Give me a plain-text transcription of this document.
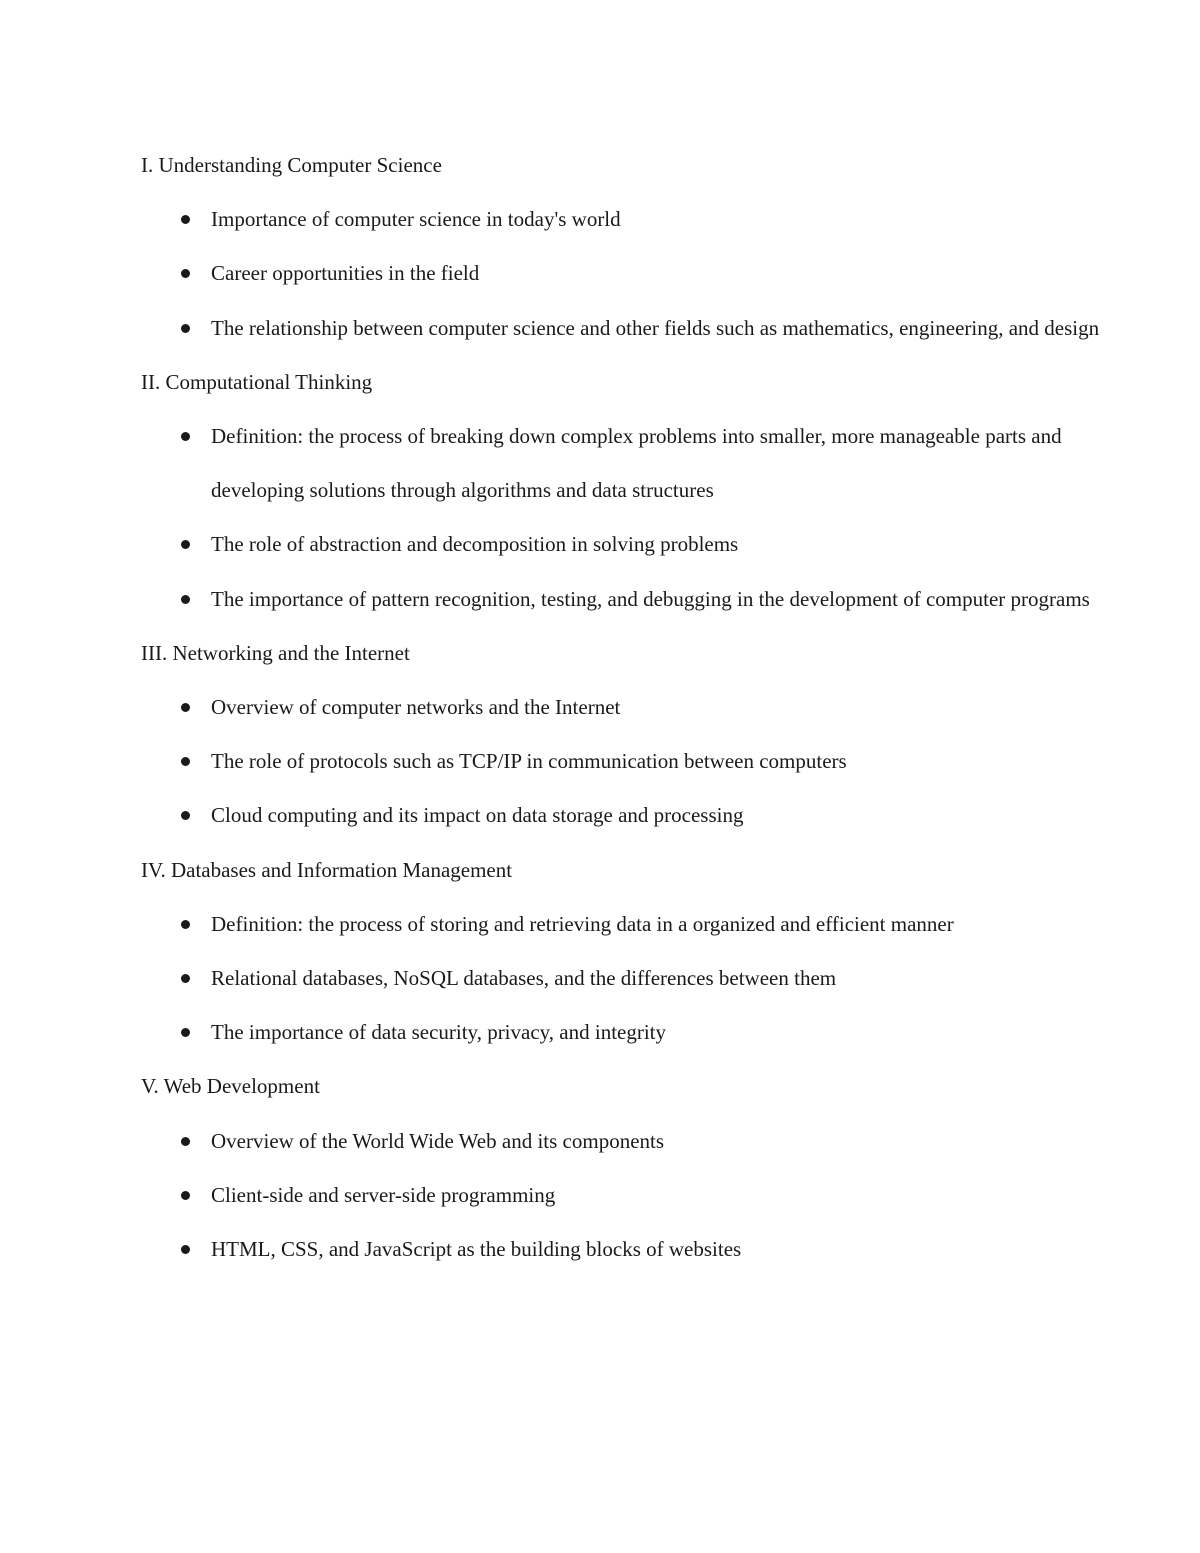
I. Understanding Computer Science

Importance of computer science in today's world
Career opportunities in the field
The relationship between computer science and other fields such as mathematics, engineering, and design

II. Computational Thinking

Definition: the process of breaking down complex problems into smaller, more manageable parts and developing solutions through algorithms and data structures
The role of abstraction and decomposition in solving problems
The importance of pattern recognition, testing, and debugging in the development of computer programs

III. Networking and the Internet

Overview of computer networks and the Internet
The role of protocols such as TCP/IP in communication between computers
Cloud computing and its impact on data storage and processing

IV. Databases and Information Management

Definition: the process of storing and retrieving data in a organized and efficient manner
Relational databases, NoSQL databases, and the differences between them
The importance of data security, privacy, and integrity

V. Web Development

Overview of the World Wide Web and its components
Client-side and server-side programming
HTML, CSS, and JavaScript as the building blocks of websites
